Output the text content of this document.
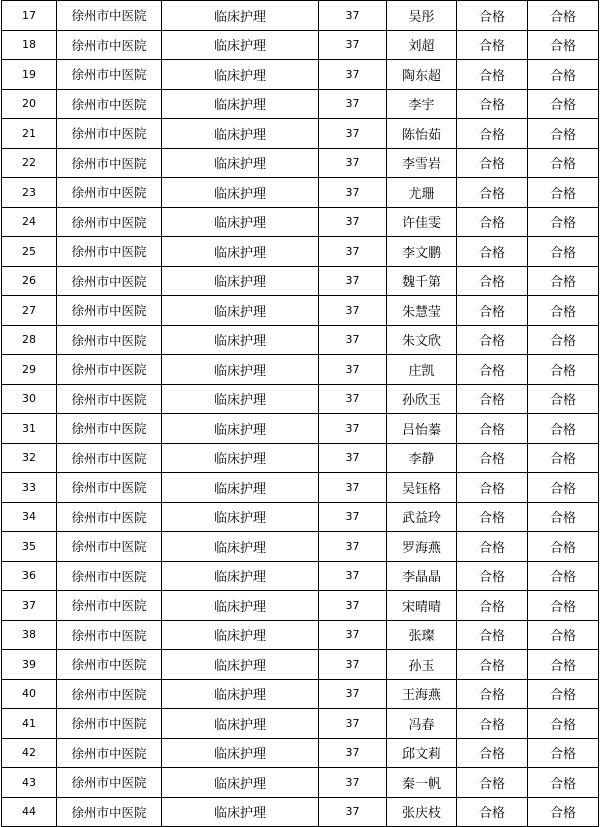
17	徐州市中医院	临床护理	37	吴彤	合格	合格
18	徐州市中医院	临床护理	37	刘超	合格	合格
19	徐州市中医院	临床护理	37	陶东超	合格	合格
20	徐州市中医院	临床护理	37	李宇	合格	合格
21	徐州市中医院	临床护理	37	陈怡茹	合格	合格
22	徐州市中医院	临床护理	37	李雪岩	合格	合格
23	徐州市中医院	临床护理	37	尤珊	合格	合格
24	徐州市中医院	临床护理	37	许佳雯	合格	合格
25	徐州市中医院	临床护理	37	李文鹏	合格	合格
26	徐州市中医院	临床护理	37	魏千第	合格	合格
27	徐州市中医院	临床护理	37	朱慧莹	合格	合格
28	徐州市中医院	临床护理	37	朱文欣	合格	合格
29	徐州市中医院	临床护理	37	庄凯	合格	合格
30	徐州市中医院	临床护理	37	孙欣玉	合格	合格
31	徐州市中医院	临床护理	37	吕怡蓁	合格	合格
32	徐州市中医院	临床护理	37	李静	合格	合格
33	徐州市中医院	临床护理	37	吴钰格	合格	合格
34	徐州市中医院	临床护理	37	武益玲	合格	合格
35	徐州市中医院	临床护理	37	罗海燕	合格	合格
36	徐州市中医院	临床护理	37	李晶晶	合格	合格
37	徐州市中医院	临床护理	37	宋晴晴	合格	合格
38	徐州市中医院	临床护理	37	张璨	合格	合格
39	徐州市中医院	临床护理	37	孙玉	合格	合格
40	徐州市中医院	临床护理	37	王海燕	合格	合格
41	徐州市中医院	临床护理	37	冯春	合格	合格
42	徐州市中医院	临床护理	37	邱文莉	合格	合格
43	徐州市中医院	临床护理	37	秦一帆	合格	合格
44	徐州市中医院	临床护理	37	张庆枝	合格	合格
